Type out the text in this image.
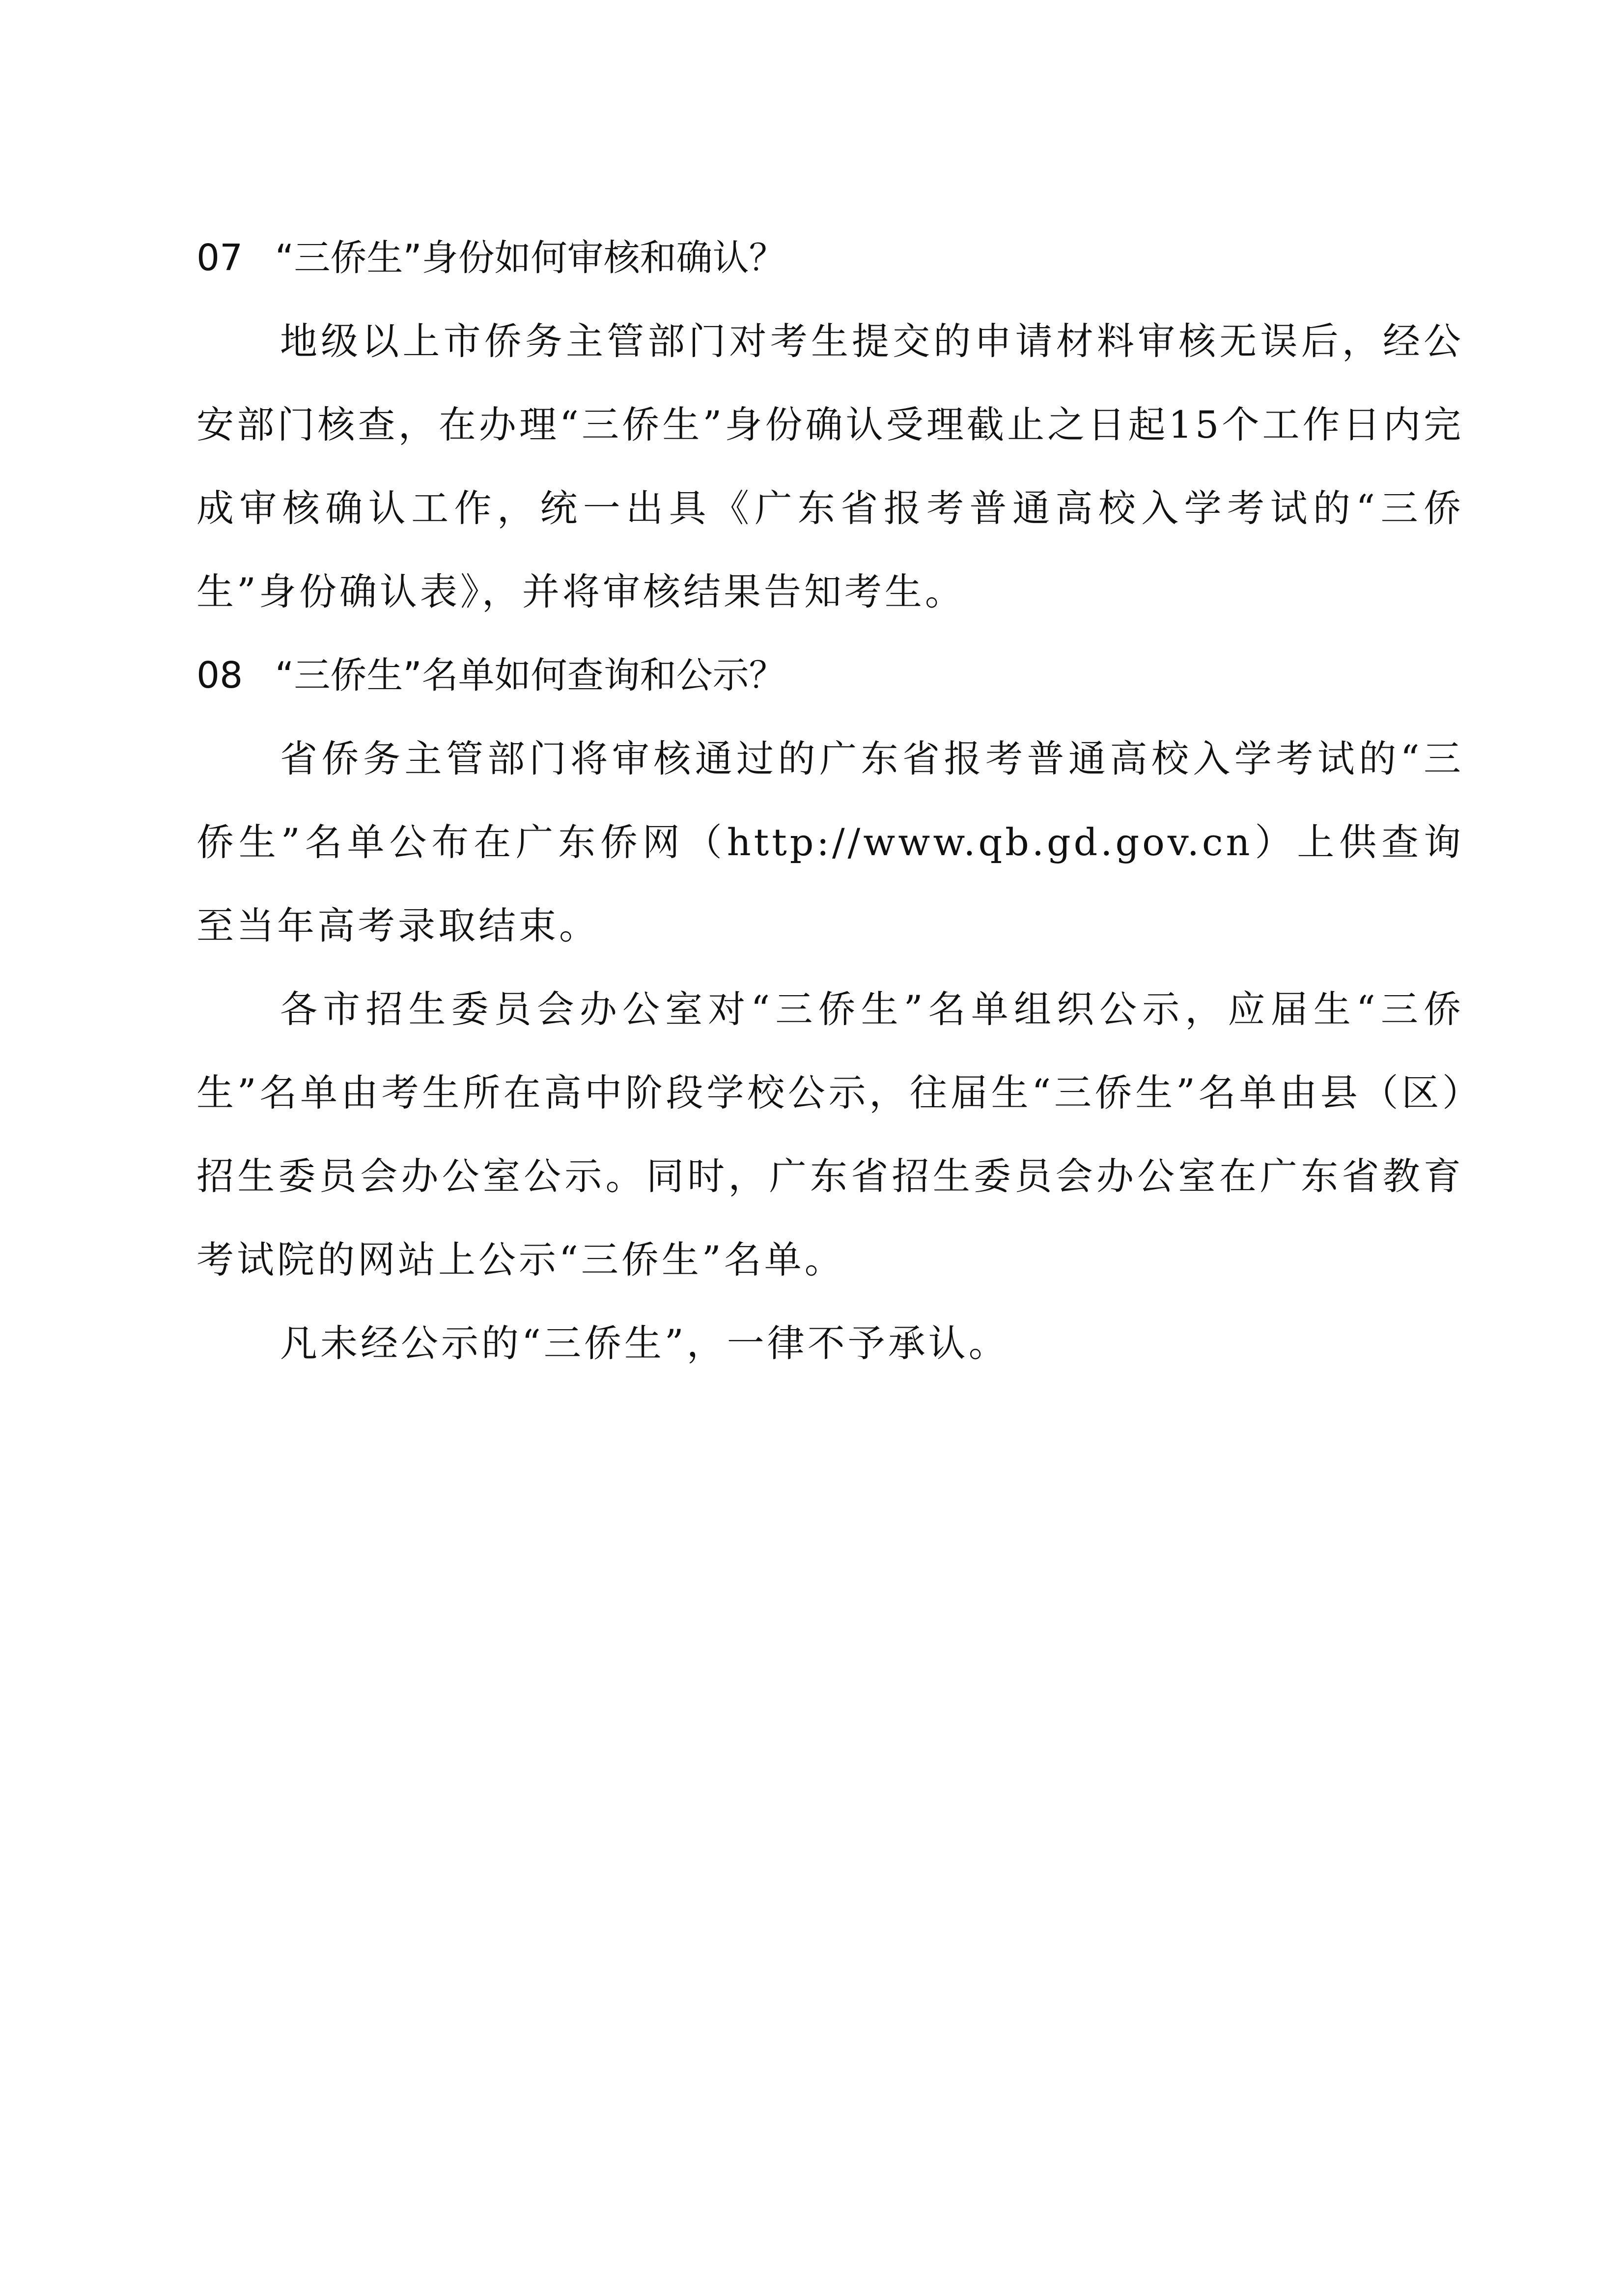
07 “三侨生”身份如何审核和确认？

地级以上市侨务主管部门对考生提交的申请材料审核无误后，经公安部门核查，在办理“三侨生”身份确认受理截止之日起15个工作日内完成审核确认工作，统一出具《广东省报考普通高校入学考试的“三侨生”身份确认表》，并将审核结果告知考生。

08 “三侨生”名单如何查询和公示？

省侨务主管部门将审核通过的广东省报考普通高校入学考试的“三侨生”名单公布在广东侨网（http://www.qb.gd.gov.cn）上供查询至当年高考录取结束。

各市招生委员会办公室对“三侨生”名单组织公示，应届生“三侨生”名单由考生所在高中阶段学校公示，往届生“三侨生”名单由县（区）招生委员会办公室公示。同时，广东省招生委员会办公室在广东省教育考试院的网站上公示“三侨生”名单。

凡未经公示的“三侨生”，一律不予承认。
